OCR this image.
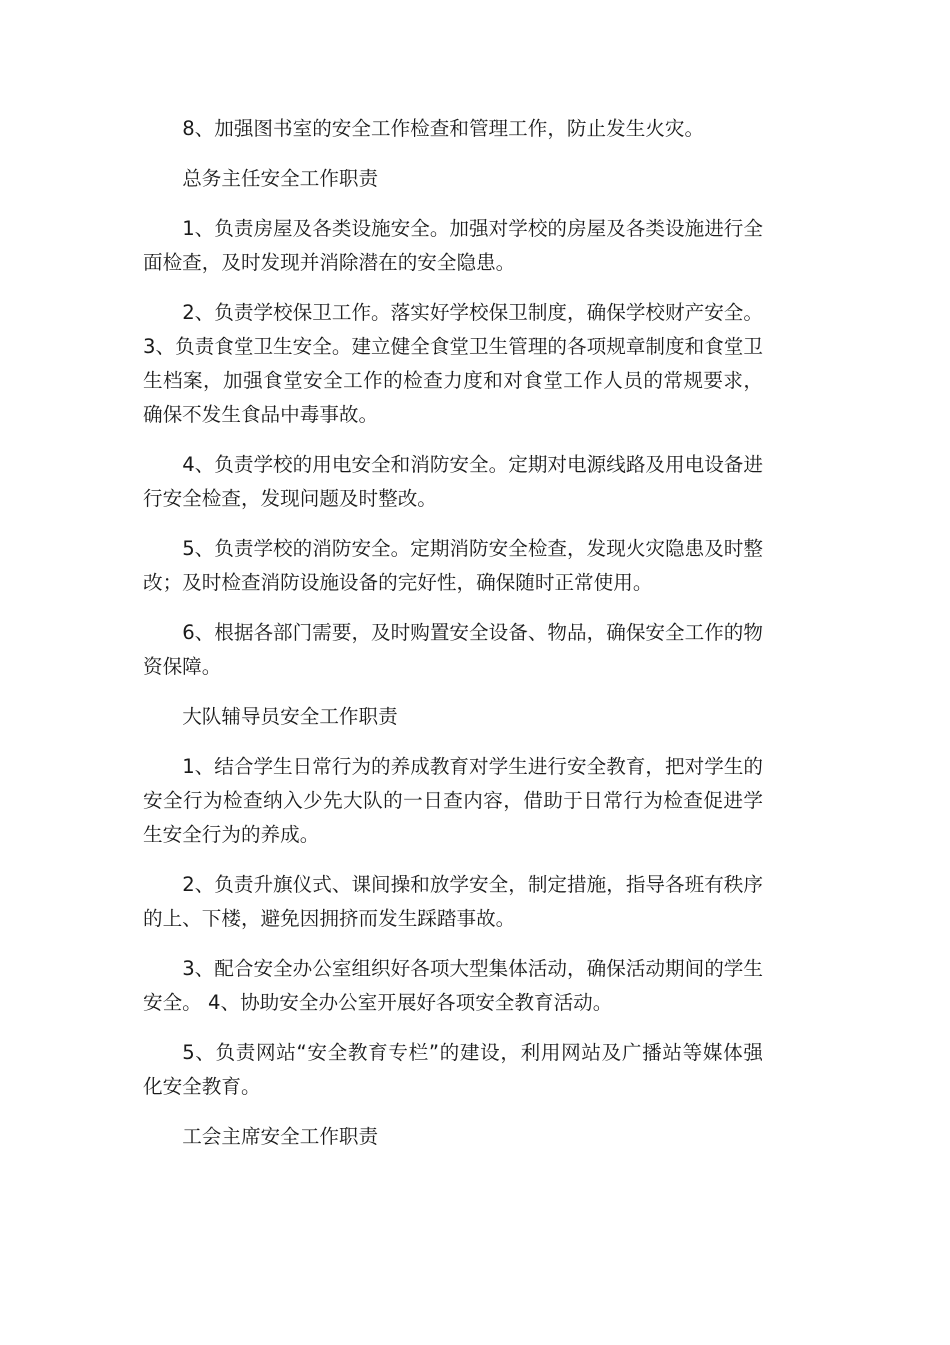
8、加强图书室的安全工作检查和管理工作，防止发生火灾。

总务主任安全工作职责

1、负责房屋及各类设施安全。加强对学校的房屋及各类设施进行全面检查，及时发现并消除潜在的安全隐患。

2、负责学校保卫工作。落实好学校保卫制度，确保学校财产安全。3、负责食堂卫生安全。建立健全食堂卫生管理的各项规章制度和食堂卫生档案，加强食堂安全工作的检查力度和对食堂工作人员的常规要求，确保不发生食品中毒事故。

4、负责学校的用电安全和消防安全。定期对电源线路及用电设备进行安全检查，发现问题及时整改。

5、负责学校的消防安全。定期消防安全检查，发现火灾隐患及时整改；及时检查消防设施设备的完好性，确保随时正常使用。

6、根据各部门需要，及时购置安全设备、物品，确保安全工作的物资保障。

大队辅导员安全工作职责

1、结合学生日常行为的养成教育对学生进行安全教育，把对学生的安全行为检查纳入少先大队的一日查内容，借助于日常行为检查促进学生安全行为的养成。

2、负责升旗仪式、课间操和放学安全，制定措施，指导各班有秩序的上、下楼，避免因拥挤而发生踩踏事故。

3、配合安全办公室组织好各项大型集体活动，确保活动期间的学生安全。 4、协助安全办公室开展好各项安全教育活动。

5、负责网站“安全教育专栏”的建设，利用网站及广播站等媒体强化安全教育。

工会主席安全工作职责
